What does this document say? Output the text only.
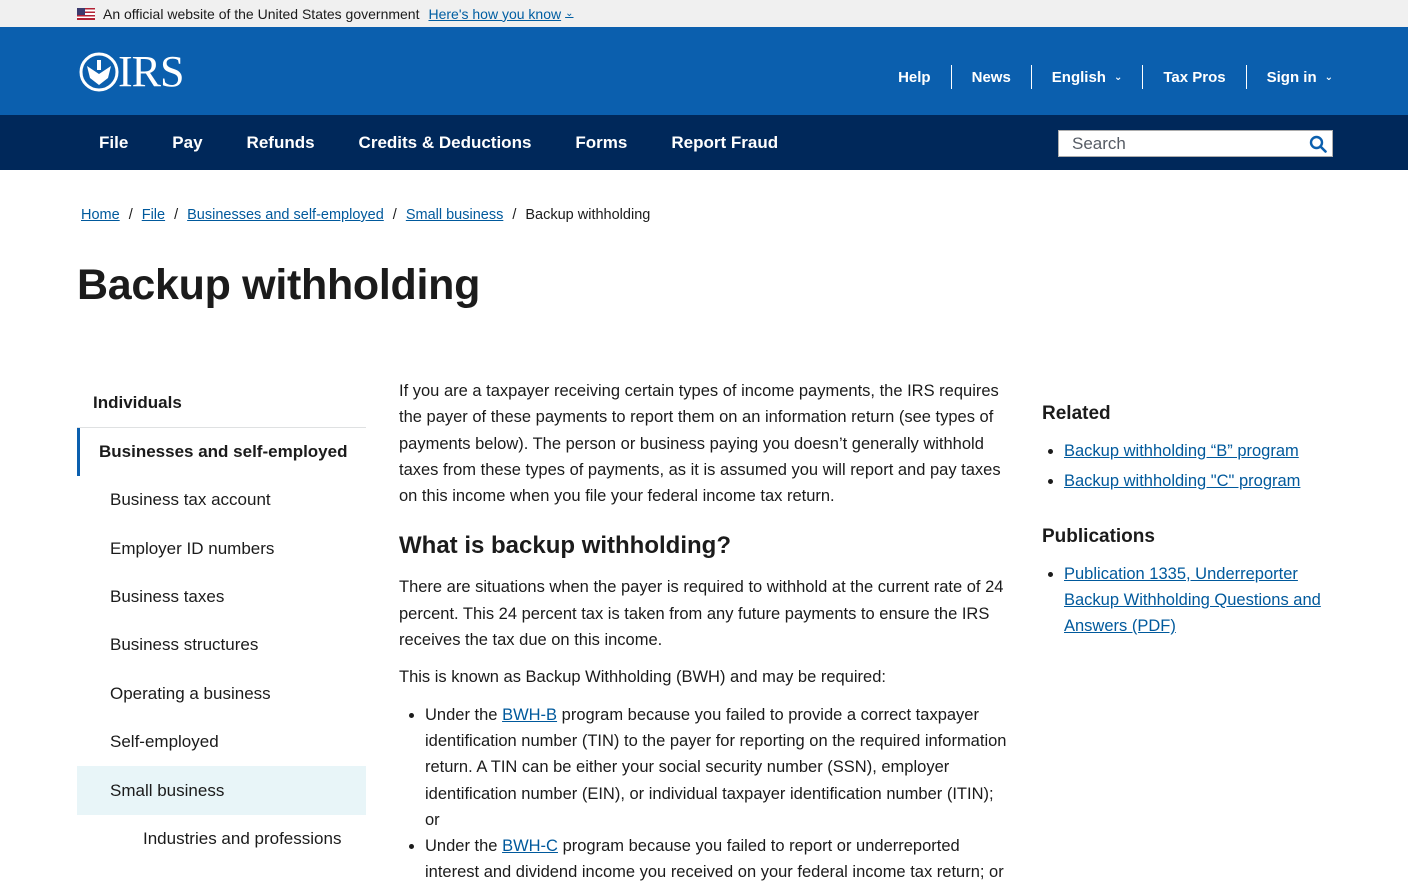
An official website of the United States government Here's how you know ⌄
IRS	Help	News	English ⌄	Tax Pros	Sign in ⌄
File	Pay	Refunds	Credits & Deductions	Forms	Report Fraud
Search
Home / File / Businesses and self-employed / Small business / Backup withholding
Backup withholding
Individuals
Businesses and self-employed
Business tax account
Employer ID numbers
Business taxes
Business structures
Operating a business
Self-employed
Small business
Industries and professions

If you are a taxpayer receiving certain types of income payments, the IRS requires the payer of these payments to report them on an information return (see types of payments below). The person or business paying you doesn’t generally withhold taxes from these types of payments, as it is assumed you will report and pay taxes on this income when you file your federal income tax return.

What is backup withholding?

There are situations when the payer is required to withhold at the current rate of 24 percent. This 24 percent tax is taken from any future payments to ensure the IRS receives the tax due on this income.

This is known as Backup Withholding (BWH) and may be required:

• Under the BWH-B program because you failed to provide a correct taxpayer identification number (TIN) to the payer for reporting on the required information return. A TIN can be either your social security number (SSN), employer identification number (EIN), or individual taxpayer identification number (ITIN); or
• Under the BWH-C program because you failed to report or underreported interest and dividend income you received on your federal income tax return; or
Related
• Backup withholding “B” program
• Backup withholding "C" program
Publications
• Publication 1335, Underreporter Backup Withholding Questions and Answers (PDF)
